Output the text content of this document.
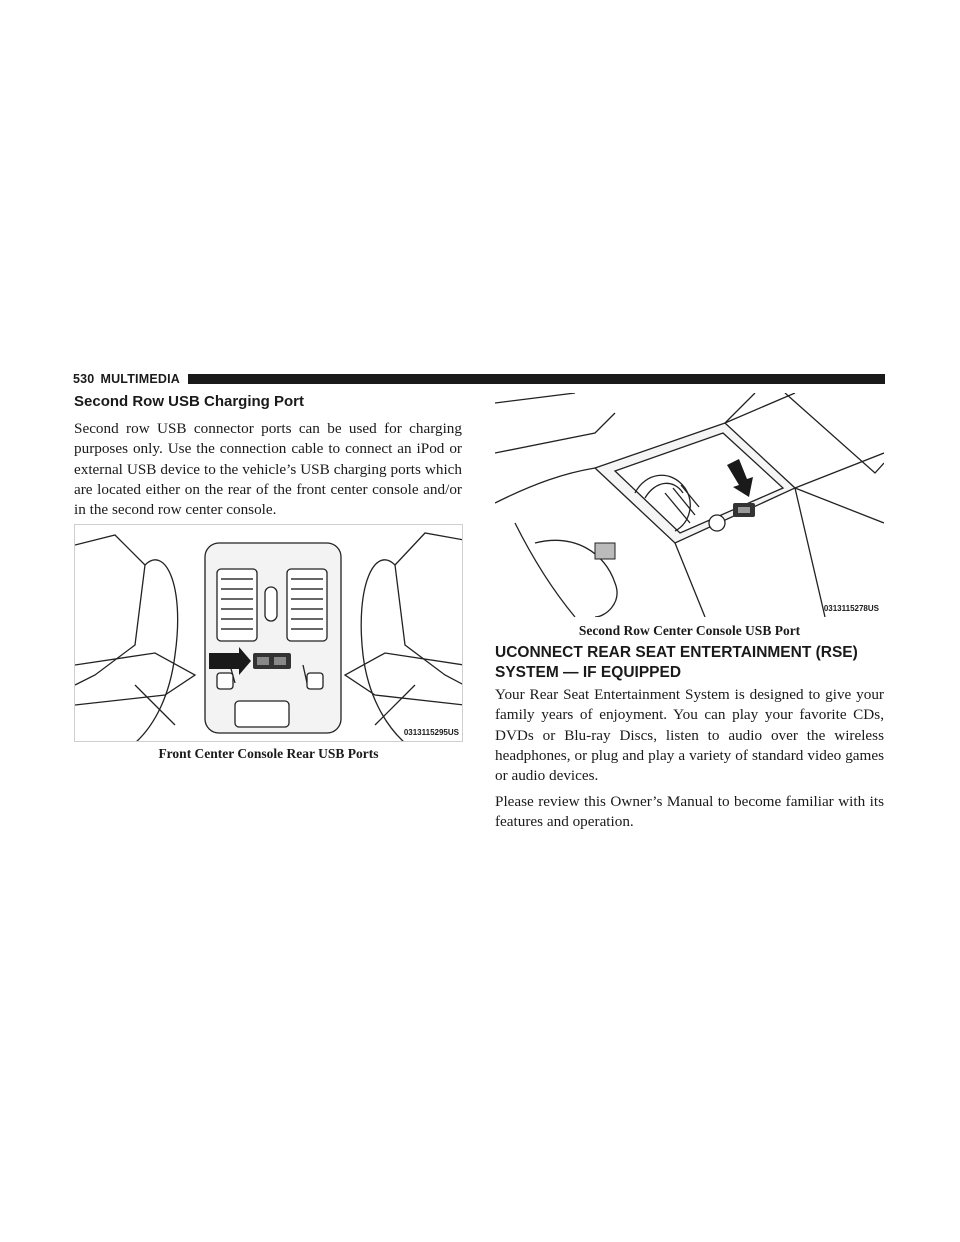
530 MULTIMEDIA
Second Row USB Charging Port
Second row USB connector ports can be used for charging purposes only. Use the connection cable to connect an iPod or external USB device to the vehicle’s USB charging ports which are located either on the rear of the front center console and/or in the second row center console.
0313115295US
Front Center Console Rear USB Ports
0313115278US
Second Row Center Console USB Port
UCONNECT REAR SEAT ENTERTAINMENT (RSE) SYSTEM — IF EQUIPPED
Your Rear Seat Entertainment System is designed to give your family years of enjoyment. You can play your favorite CDs, DVDs or Blu-ray Discs, listen to audio over the wireless headphones, or plug and play a variety of standard video games or audio devices.
Please review this Owner’s Manual to become familiar with its features and operation.
